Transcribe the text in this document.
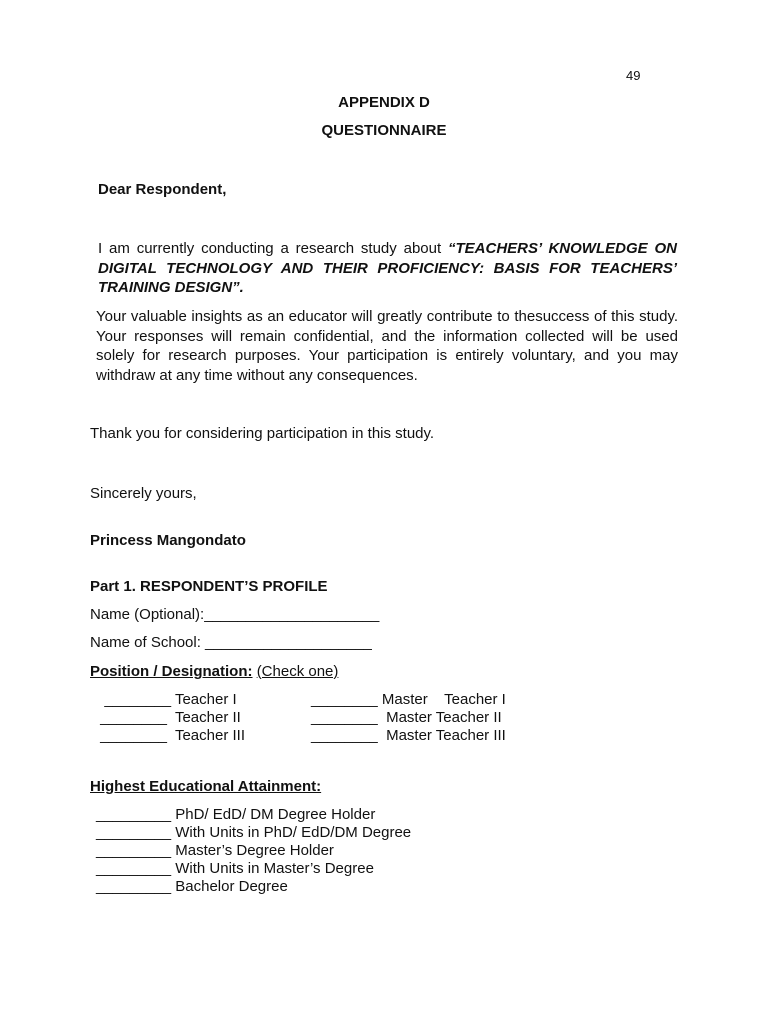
49
APPENDIX D
QUESTIONNAIRE
Dear Respondent,
I am currently conducting a research study about “TEACHERS’ KNOWLEDGE ON DIGITAL TECHNOLOGY AND THEIR PROFICIENCY: BASIS FOR TEACHERS’ TRAINING DESIGN”.
Your valuable insights as an educator will greatly contribute to thesuccess of this study. Your responses will remain confidential, and the information collected will be used solely for research purposes. Your participation is entirely voluntary, and you may withdraw at any time without any consequences.
Thank you for considering participation in this study.
Sincerely yours,
Princess Mangondato
Part 1. RESPONDENT’S PROFILE
Name (Optional):_____________________
Name of School: ____________________
Position / Designation: (Check one)
________ Teacher I
________  Teacher II
________  Teacher III
________ Master    Teacher I
________  Master Teacher II
________  Master Teacher III
Highest Educational Attainment:
_________ PhD/ EdD/ DM Degree Holder
_________ With Units in PhD/ EdD/DM Degree
_________ Master’s Degree Holder
_________ With Units in Master’s Degree
_________ Bachelor Degree
